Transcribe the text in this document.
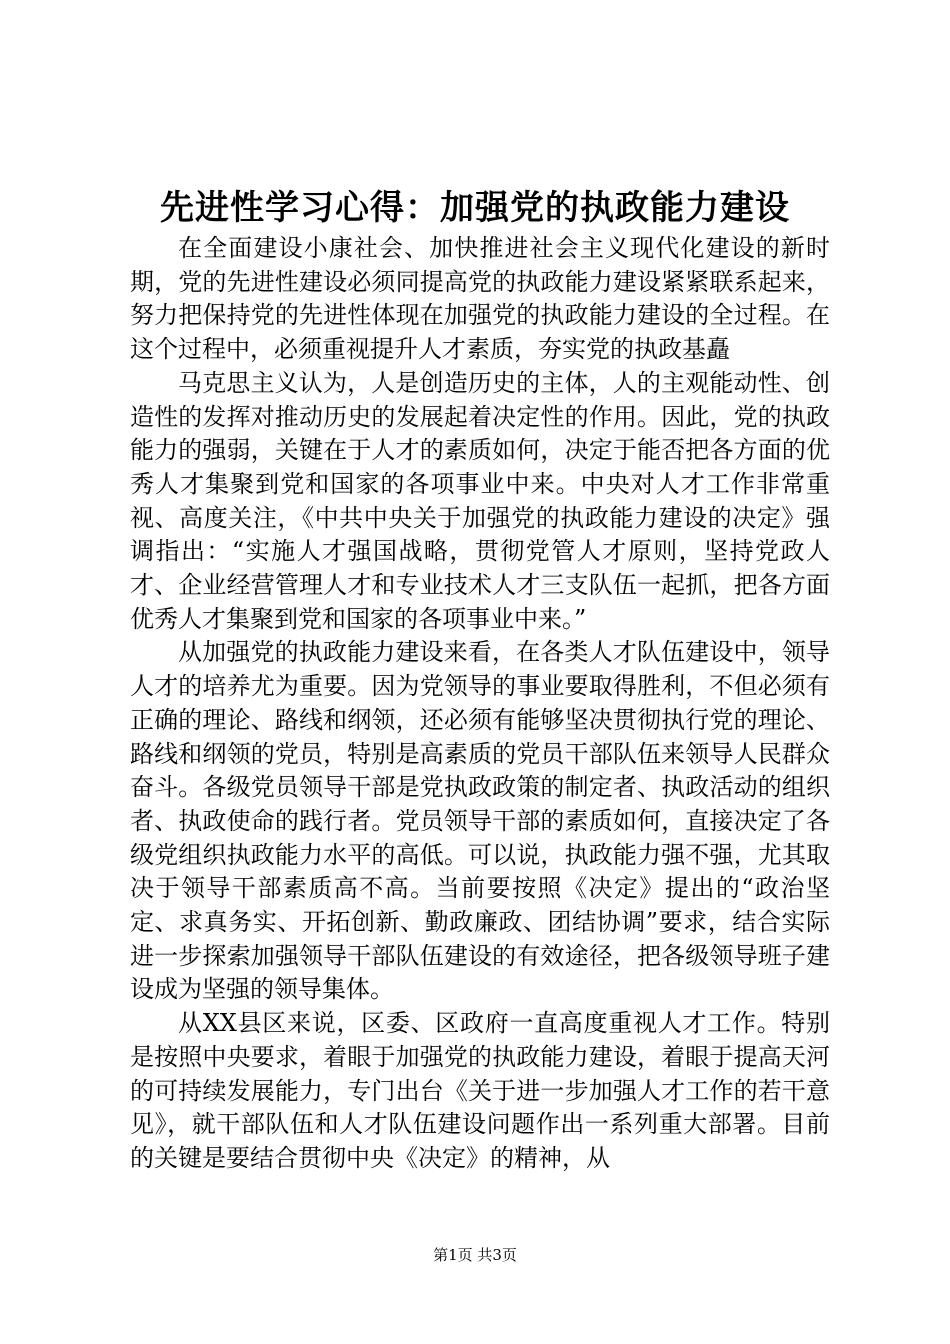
先进性学习心得：加强党的执政能力建设

在全面建设小康社会、加快推进社会主义现代化建设的新时期，党的先进性建设必须同提高党的执政能力建设紧紧联系起来，努力把保持党的先进性体现在加强党的执政能力建设的全过程。在这个过程中，必须重视提升人才素质，夯实党的执政基矗

马克思主义认为，人是创造历史的主体，人的主观能动性、创造性的发挥对推动历史的发展起着决定性的作用。因此，党的执政能力的强弱，关键在于人才的素质如何，决定于能否把各方面的优秀人才集聚到党和国家的各项事业中来。中央对人才工作非常重视、高度关注，《中共中央关于加强党的执政能力建设的决定》强调指出：“实施人才强国战略，贯彻党管人才原则，坚持党政人才、企业经营管理人才和专业技术人才三支队伍一起抓，把各方面优秀人才集聚到党和国家的各项事业中来。”

从加强党的执政能力建设来看，在各类人才队伍建设中，领导人才的培养尤为重要。因为党领导的事业要取得胜利，不但必须有正确的理论、路线和纲领，还必须有能够坚决贯彻执行党的理论、路线和纲领的党员，特别是高素质的党员干部队伍来领导人民群众奋斗。各级党员领导干部是党执政政策的制定者、执政活动的组织者、执政使命的践行者。党员领导干部的素质如何，直接决定了各级党组织执政能力水平的高低。可以说，执政能力强不强，尤其取决于领导干部素质高不高。当前要按照《决定》提出的“政治坚定、求真务实、开拓创新、勤政廉政、团结协调”要求，结合实际进一步探索加强领导干部队伍建设的有效途径，把各级领导班子建设成为坚强的领导集体。

从XX县区来说，区委、区政府一直高度重视人才工作。特别是按照中央要求，着眼于加强党的执政能力建设，着眼于提高天河的可持续发展能力，专门出台《关于进一步加强人才工作的若干意见》，就干部队伍和人才队伍建设问题作出一系列重大部署。目前的关键是要结合贯彻中央《决定》的精神，从

第1页 共3页
